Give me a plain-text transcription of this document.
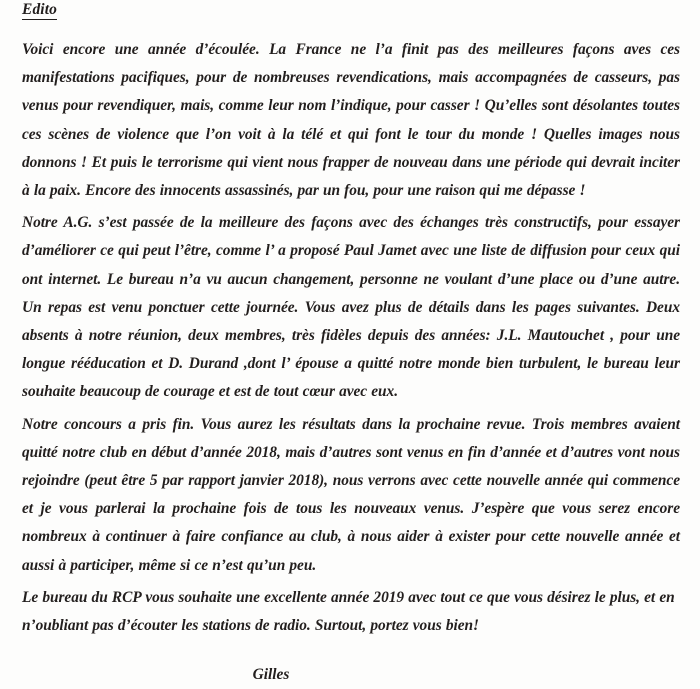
Edito

Voici encore une année d’écoulée. La France ne l’a finit pas des meilleures façons aves ces manifestations pacifiques, pour de nombreuses revendications, mais accompagnées de casseurs, pas venus pour revendiquer, mais, comme leur nom l’indique, pour casser ! Qu’elles sont désolantes toutes ces scènes de violence que l’on voit à la télé et qui font le tour du monde ! Quelles images nous donnons ! Et puis le terrorisme qui vient nous frapper de nouveau dans une période qui devrait inciter à la paix. Encore des innocents assassinés, par un fou, pour une raison qui me dépasse !

Notre A.G. s’est passée de la meilleure des façons avec des échanges très constructifs, pour essayer d’améliorer ce qui peut l’être, comme l’ a proposé Paul Jamet avec une liste de diffusion pour ceux qui ont internet. Le bureau n’a vu aucun changement, personne ne voulant d’une place ou d’une autre. Un repas est venu ponctuer cette journée. Vous avez plus de détails dans les pages suivantes. Deux absents à notre réunion, deux membres, très fidèles depuis des années: J.L. Mautouchet , pour une longue rééducation et D. Durand ,dont l’ épouse a quitté notre monde bien turbulent, le bureau leur souhaite beaucoup de courage et est de tout cœur avec eux.

Notre concours a pris fin. Vous aurez les résultats dans la prochaine revue. Trois membres avaient quitté notre club en début d’année 2018, mais d’autres sont venus en fin d’année et d’autres vont nous rejoindre (peut être 5 par rapport janvier 2018), nous verrons avec cette nouvelle année qui commence et je vous parlerai la prochaine fois de tous les nouveaux venus. J’espère que vous serez encore nombreux à continuer à faire confiance au club, à nous aider à exister pour cette nouvelle année et aussi à participer, même si ce n’est qu’un peu.

Le bureau du RCP vous souhaite une excellente année 2019 avec tout ce que vous désirez le plus, et en n’oubliant pas d’écouter les stations de radio. Surtout, portez vous bien!

Gilles
